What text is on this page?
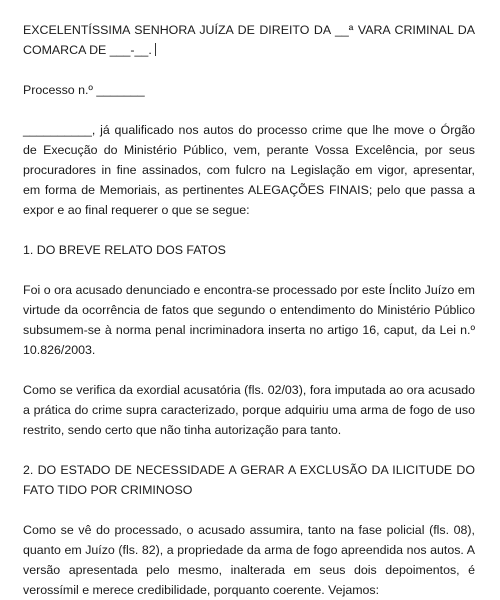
EXCELENTÍSSIMA SENHORA JUÍZA DE DIREITO DA __ª VARA CRIMINAL DA COMARCA DE ___-__.

Processo n.º _______

__________, já qualificado nos autos do processo crime que lhe move o Órgão de Execução do Ministério Público, vem, perante Vossa Excelência, por seus procuradores in fine assinados, com fulcro na Legislação em vigor, apresentar, em forma de Memoriais, as pertinentes ALEGAÇÕES FINAIS; pelo que passa a expor e ao final requerer o que se segue:

1. DO BREVE RELATO DOS FATOS

Foi o ora acusado denunciado e encontra-se processado por este Ínclito Juízo em virtude da ocorrência de fatos que segundo o entendimento do Ministério Público subsumem-se à norma penal incriminadora inserta no artigo 16, caput, da Lei n.º 10.826/2003.

Como se verifica da exordial acusatória (fls. 02/03), fora imputada ao ora acusado a prática do crime supra caracterizado, porque adquiriu uma arma de fogo de uso restrito, sendo certo que não tinha autorização para tanto.

2. DO ESTADO DE NECESSIDADE A GERAR A EXCLUSÃO DA ILICITUDE DO FATO TIDO POR CRIMINOSO

Como se vê do processado, o acusado assumira, tanto na fase policial (fls. 08), quanto em Juízo (fls. 82), a propriedade da arma de fogo apreendida nos autos. A versão apresentada pelo mesmo, inalterada em seus dois depoimentos, é verossímil e merece credibilidade, porquanto coerente. Vejamos:
